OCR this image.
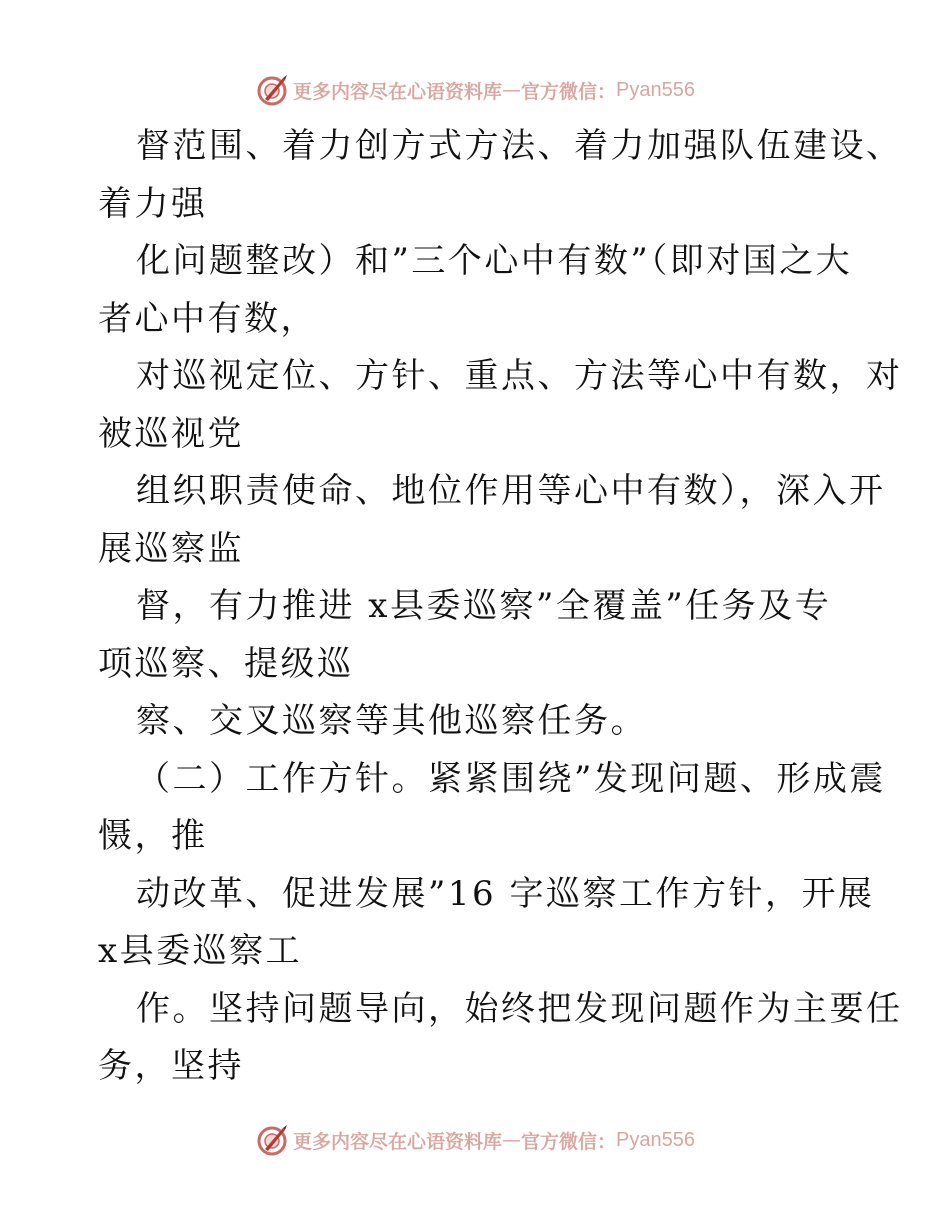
更多内容尽在心语资料库 — 官方微信： Pyan556
督范围、着力创方式方法、着力加强队伍建设、
着力强
化问题整改）和”三个心中有数”（即对国之大
者心中有数，
对巡视定位、方针、重点、方法等心中有数，对
被巡视党
组织职责使命、地位作用等心中有数），深入开
展巡察监
督，有力推进 x县委巡察”全覆盖”任务及专
项巡察、提级巡
察、交叉巡察等其他巡察任务。
（二）工作方针。紧紧围绕”发现问题、形成震
慑，推
动改革、促进发展”16 字巡察工作方针，开展
x县委巡察工
作。坚持问题导向，始终把发现问题作为主要任
务，坚持
更多内容尽在心语资料库 — 官方微信： Pyan556
